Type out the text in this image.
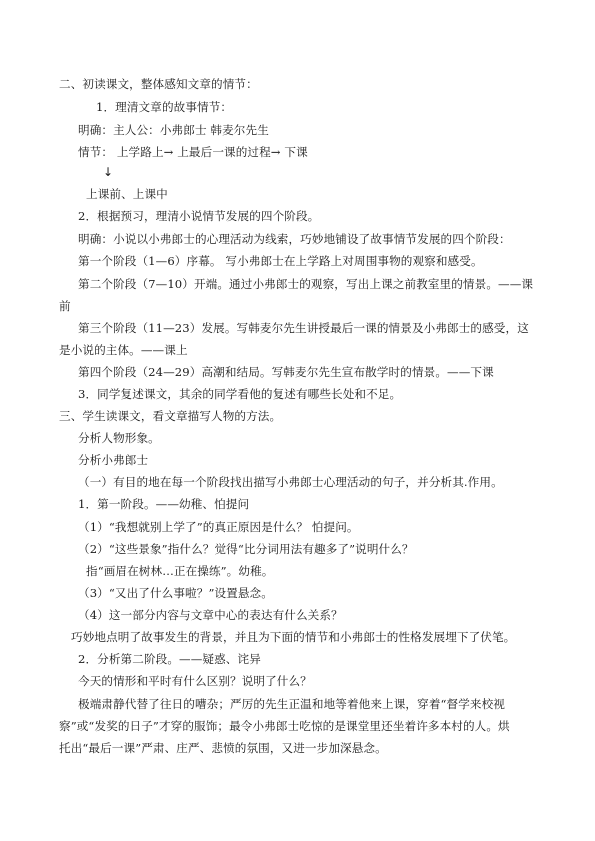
二、初读课文，整体感知文章的情节：

1．理清文章的故事情节：

明确：主人公：小弗郎士 韩麦尔先生

情节： 上学路上→ 上最后一课的过程→ 下课

↓

上课前、上课中

2．根据预习，理清小说情节发展的四个阶段。

明确：小说以小弗郎士的心理活动为线索，巧妙地铺设了故事情节发展的四个阶段：

第一个阶段（1—6）序幕。 写小弗郎士在上学路上对周围事物的观察和感受。

第二个阶段（7—10）开端。通过小弗郎士的观察，写出上课之前教室里的情景。——课

前

第三个阶段（11—23）发展。写韩麦尔先生讲授最后一课的情景及小弗郎士的感受，这

是小说的主体。——课上

第四个阶段（24—29）高潮和结局。写韩麦尔先生宣布散学时的情景。——下课

3．同学复述课文，其余的同学看他的复述有哪些长处和不足。

三、学生读课文，看文章描写人物的方法。

分析人物形象。

分析小弗郎士

（一）有目的地在每一个阶段找出描写小弗郎士心理活动的句子，并分析其.作用。

1．第一阶段。——幼稚、怕提问

（1）“我想就别上学了”的真正原因是什么？ 怕提问。

（2）“这些景象”指什么？觉得“比分词用法有趣多了”说明什么？

指“画眉在树林…正在操练”。幼稚。

（3）“又出了什么事啦？”设置悬念。

（4）这一部分内容与文章中心的表达有什么关系？

巧妙地点明了故事发生的背景，并且为下面的情节和小弗郎士的性格发展埋下了伏笔。

2．分析第二阶段。——疑惑、诧异

今天的情形和平时有什么区别？说明了什么？

极端肃静代替了往日的嘈杂；严厉的先生正温和地等着他来上课，穿着“督学来校视

察”或“发奖的日子”才穿的服饰；最令小弗郎士吃惊的是课堂里还坐着许多本村的人。烘

托出“最后一课”严肃、庄严、悲愤的氛围，又进一步加深悬念。
